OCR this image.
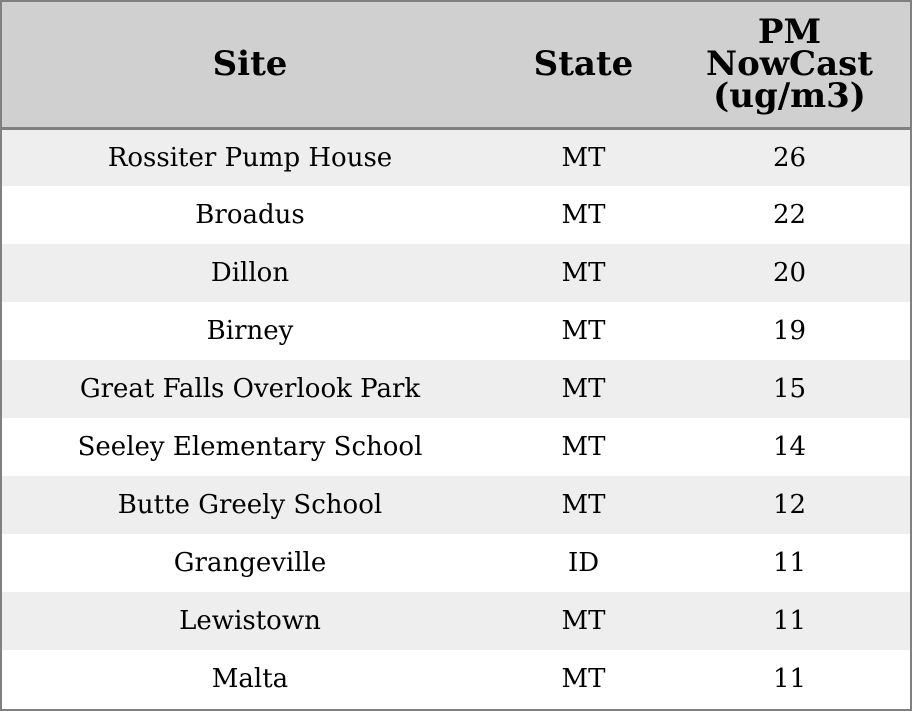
Site	State	PM
NowCast
(ug/m3)

Rossiter Pump House	MT	26
Broadus	MT	22
Dillon	MT	20
Birney	MT	19
Great Falls Overlook Park	MT	15
Seeley Elementary School	MT	14
Butte Greely School	MT	12
Grangeville	ID	11
Lewistown	MT	11
Malta	MT	11
